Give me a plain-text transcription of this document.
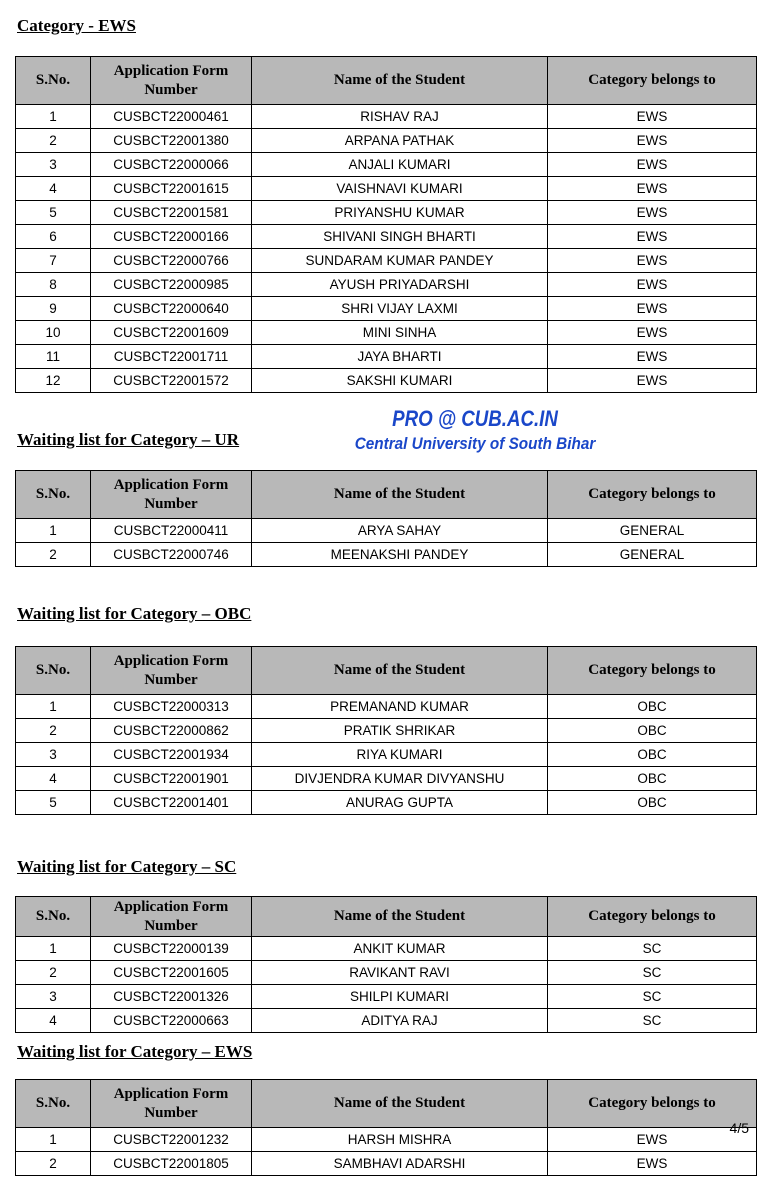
Category - EWS
S.No.	Application Form Number	Name of the Student	Category belongs to
1	CUSBCT22000461	RISHAV RAJ	EWS
2	CUSBCT22001380	ARPANA PATHAK	EWS
3	CUSBCT22000066	ANJALI KUMARI	EWS
4	CUSBCT22001615	VAISHNAVI KUMARI	EWS
5	CUSBCT22001581	PRIYANSHU KUMAR	EWS
6	CUSBCT22000166	SHIVANI SINGH BHARTI	EWS
7	CUSBCT22000766	SUNDARAM KUMAR PANDEY	EWS
8	CUSBCT22000985	AYUSH PRIYADARSHI	EWS
9	CUSBCT22000640	SHRI VIJAY LAXMI	EWS
10	CUSBCT22001609	MINI SINHA	EWS
11	CUSBCT22001711	JAYA BHARTI	EWS
12	CUSBCT22001572	SAKSHI KUMARI	EWS
PRO @ CUB.AC.IN
Central University of South Bihar
Waiting list for Category – UR
S.No.	Application Form Number	Name of the Student	Category belongs to
1	CUSBCT22000411	ARYA SAHAY	GENERAL
2	CUSBCT22000746	MEENAKSHI PANDEY	GENERAL
Waiting list for Category – OBC
S.No.	Application Form Number	Name of the Student	Category belongs to
1	CUSBCT22000313	PREMANAND KUMAR	OBC
2	CUSBCT22000862	PRATIK SHRIKAR	OBC
3	CUSBCT22001934	RIYA KUMARI	OBC
4	CUSBCT22001901	DIVJENDRA KUMAR DIVYANSHU	OBC
5	CUSBCT22001401	ANURAG GUPTA	OBC
Waiting list for Category – SC
S.No.	Application Form Number	Name of the Student	Category belongs to
1	CUSBCT22000139	ANKIT KUMAR	SC
2	CUSBCT22001605	RAVIKANT RAVI	SC
3	CUSBCT22001326	SHILPI KUMARI	SC
4	CUSBCT22000663	ADITYA RAJ	SC
Waiting list for Category – EWS
S.No.	Application Form Number	Name of the Student	Category belongs to
1	CUSBCT22001232	HARSH MISHRA	EWS
2	CUSBCT22001805	SAMBHAVI ADARSHI	EWS
4/5
